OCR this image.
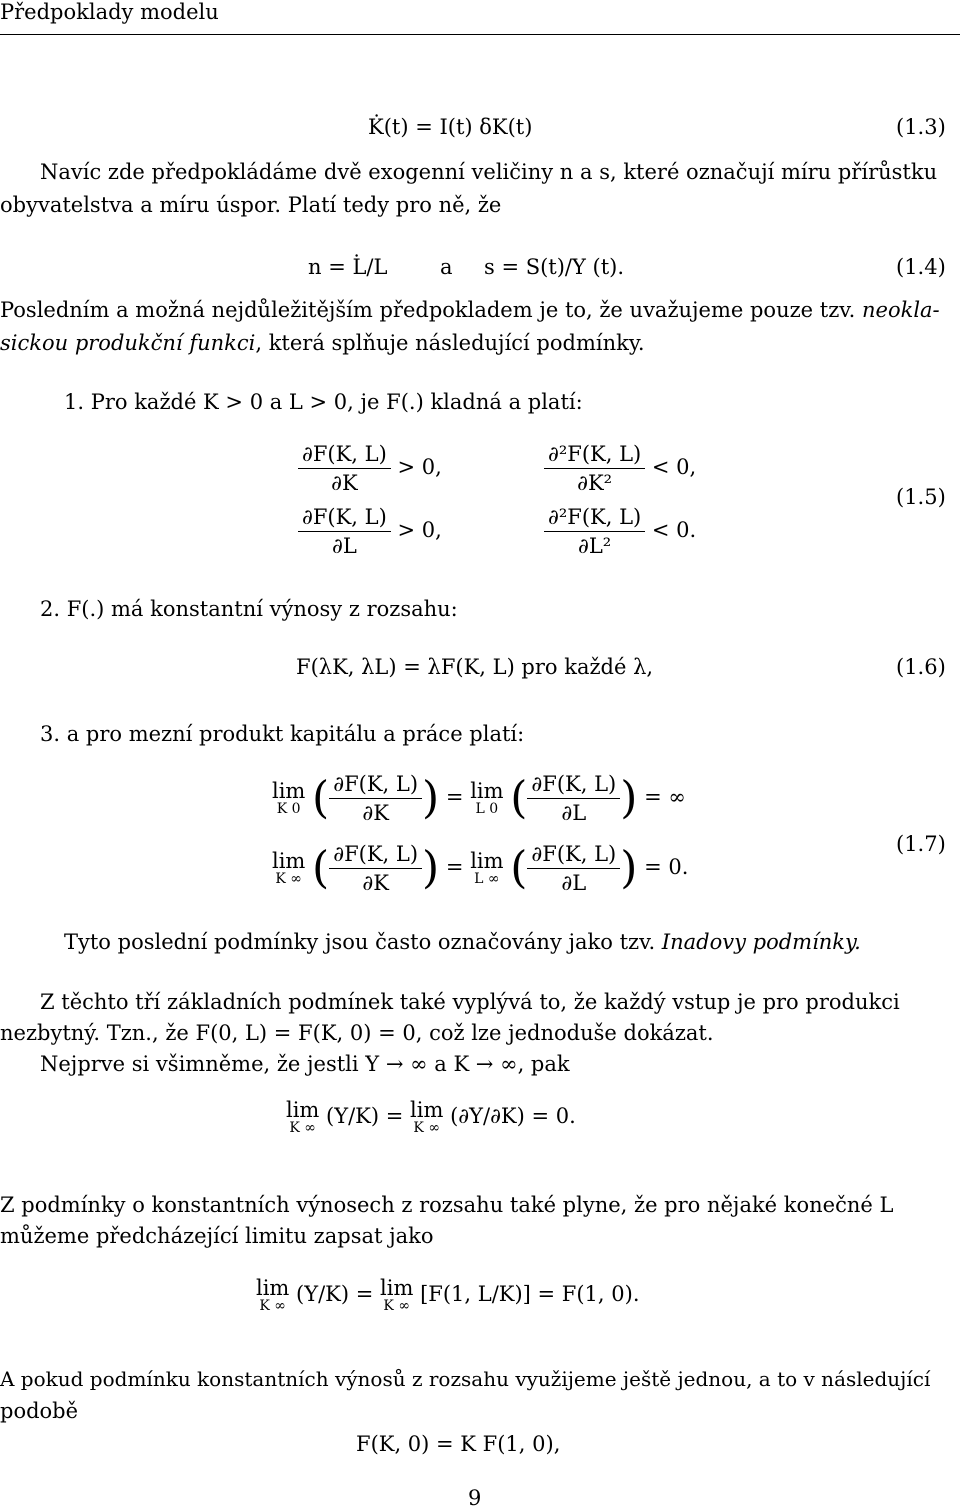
Předpoklady modelu
K̇(t) = I(t) δK(t)	(1.3)
Navíc zde předpokládáme dvě exogenní veličiny n a s, které označují míru přírůstku
obyvatelstva a míru úspor. Platí tedy pro ně, že
n = L̇/L	a s = S(t)/Y (t).	(1.4)
Posledním a možná nejdůležitějším předpokladem je to, že uvažujeme pouze tzv. neokla-
sickou produkční funkci, která splňuje následující podmínky.
1. Pro každé K > 0 a L > 0, je F(.) kladná a platí:
$\frac{\partial F(K, L)}{\partial K} > 0$,	$\frac{\text{∂²F(K, L)}}{\text{∂K²}} < 0$,
$\frac{\partial F(K, L)}{\partial L} > 0$,	$\frac{\text{∂²F(K, L)}}{\text{∂L²}} < 0$.
(1.5)
2. F(.) má konstantní výnosy z rozsahu:
F(λK, λL) = λF(K, L) pro každé λ,	(1.6)
3. a pro mezní produkt kapitálu a práce platí:
lim
K 0 ( $\frac{\partial F(K, L)}{\partial K}$ ) = lim
L 0 ( $\frac{\partial F(K, L)}{\partial L}$ ) = ∞
lim
K ∞ ( $\frac{\partial F(K, L)}{\partial K}$ ) = lim
L ∞ ( $\frac{\partial F(K, L)}{\partial L}$ ) = 0.
(1.7)
Tyto poslední podmínky jsou často označovány jako tzv. Inadovy podmínky.
Z těchto tří základních podmínek také vyplývá to, že každý vstup je pro produkci
nezbytný. Tzn., že F(0, L) = F(K, 0) = 0, což lze jednoduše dokázat.
Nejprve si všimněme, že jestli Y → ∞ a K → ∞, pak
lim
K ∞ (Y/K) = lim
K ∞ (∂Y/∂K) = 0.
Z podmínky o konstantních výnosech z rozsahu také plyne, že pro nějaké konečné L
můžeme předcházející limitu zapsat jako
lim
K ∞ (Y/K) = lim
K ∞ [F(1, L/K)] = F(1, 0).
A pokud podmínku konstantních výnosů z rozsahu využijeme ještě jednou, a to v následující
podobě
F(K, 0) = K F(1, 0),
9
